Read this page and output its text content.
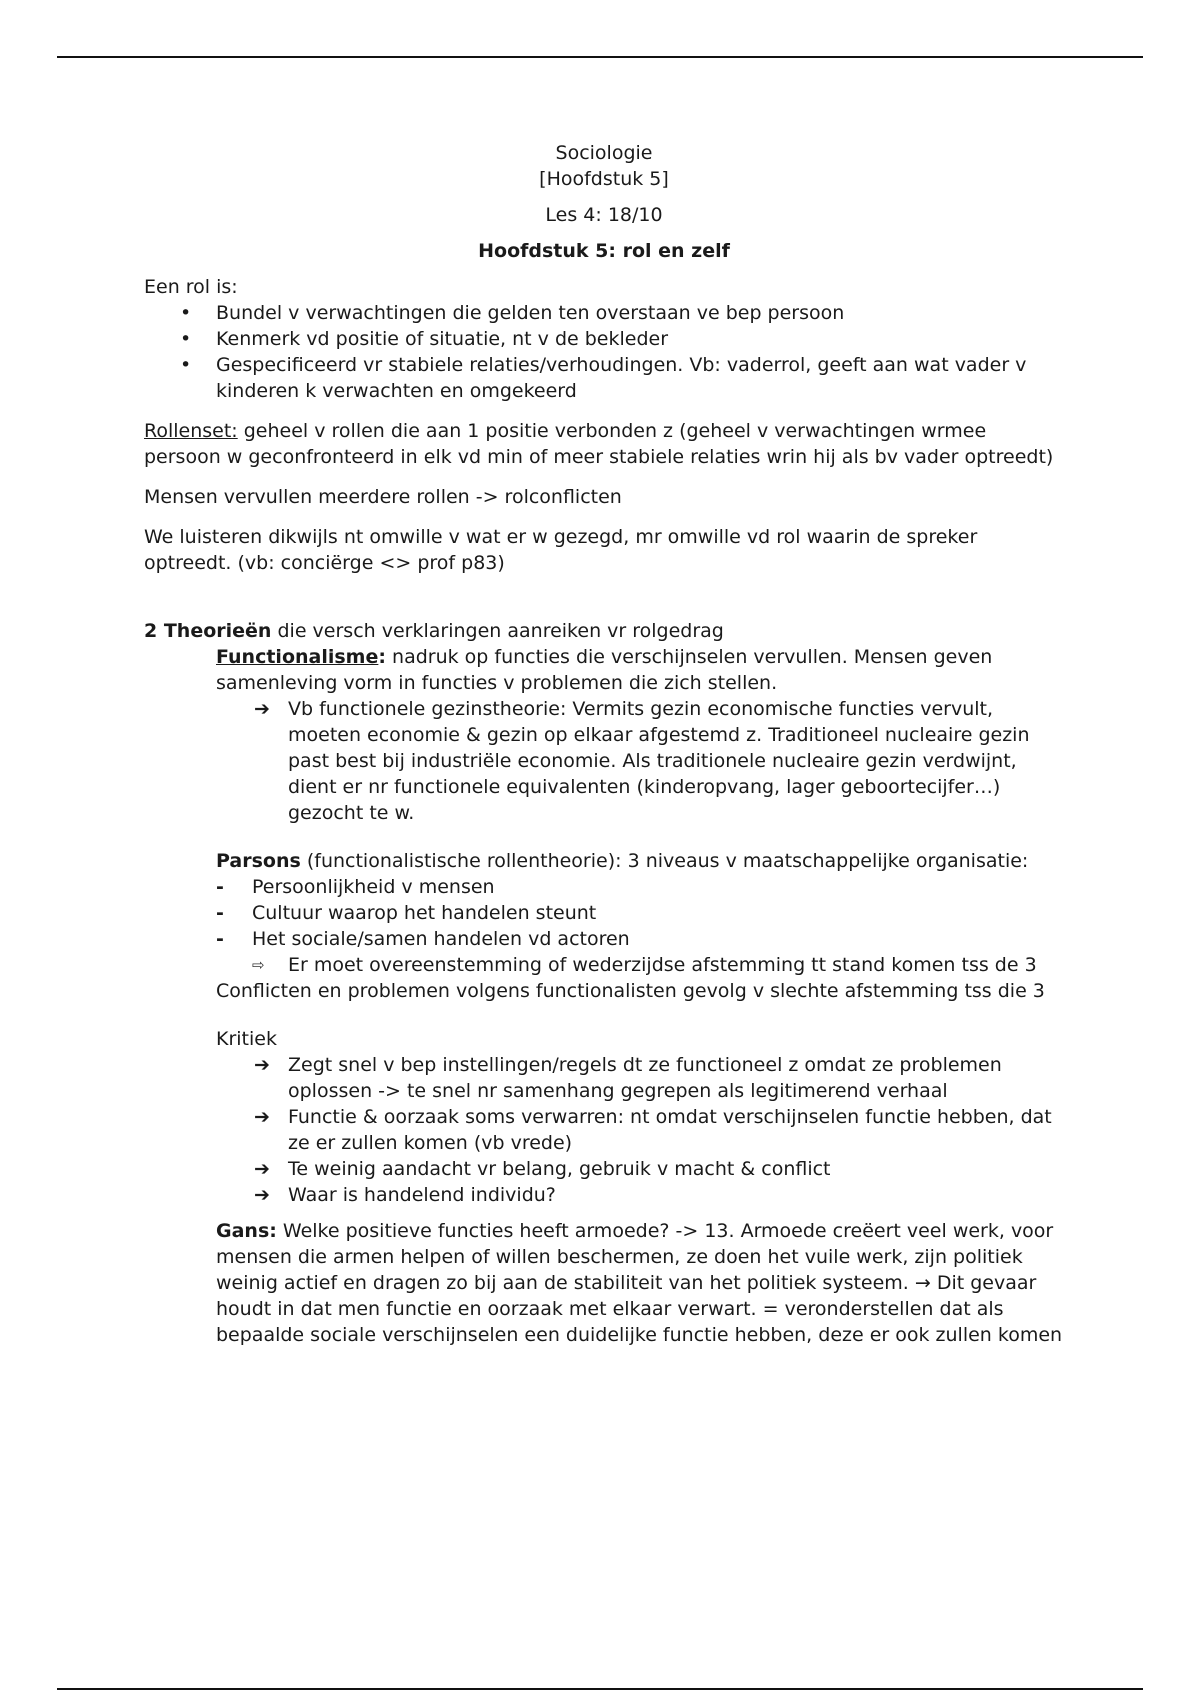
Sociologie
[Hoofdstuk 5]
Les 4: 18/10
Hoofdstuk 5: rol en zelf

Een rol is:

• Bundel v verwachtingen die gelden ten overstaan ve bep persoon
• Kenmerk vd positie of situatie, nt v de bekleder
• Gespecificeerd vr stabiele relaties/verhoudingen. Vb: vaderrol, geeft aan wat vader v kinderen k verwachten en omgekeerd

Rollenset: geheel v rollen die aan 1 positie verbonden z (geheel v verwachtingen wrmee persoon w geconfronteerd in elk vd min of meer stabiele relaties wrin hij als bv vader optreedt)

Mensen vervullen meerdere rollen -> rolconflicten

We luisteren dikwijls nt omwille v wat er w gezegd, mr omwille vd rol waarin de spreker optreedt. (vb: conciërge <> prof p83)

2 Theorieën die versch verklaringen aanreiken vr rolgedrag

Functionalisme: nadruk op functies die verschijnselen vervullen. Mensen geven samenleving vorm in functies v problemen die zich stellen.

➔ Vb functionele gezinstheorie: Vermits gezin economische functies vervult, moeten economie & gezin op elkaar afgestemd z. Traditioneel nucleaire gezin past best bij industriële economie. Als traditionele nucleaire gezin verdwijnt, dient er nr functionele equivalenten (kinderopvang, lager geboortecijfer…) gezocht te w.

Parsons (functionalistische rollentheorie): 3 niveaus v maatschappelijke organisatie:

- Persoonlijkheid v mensen
- Cultuur waarop het handelen steunt
- Het sociale/samen handelen vd actoren

⇨ Er moet overeenstemming of wederzijdse afstemming tt stand komen tss de 3

Conflicten en problemen volgens functionalisten gevolg v slechte afstemming tss die 3

Kritiek

➔ Zegt snel v bep instellingen/regels dt ze functioneel z omdat ze problemen oplossen -> te snel nr samenhang gegrepen als legitimerend verhaal

➔ Functie & oorzaak soms verwarren: nt omdat verschijnselen functie hebben, dat ze er zullen komen (vb vrede)

➔ Te weinig aandacht vr belang, gebruik v macht & conflict

➔ Waar is handelend individu?

Gans: Welke positieve functies heeft armoede? -> 13. Armoede creëert veel werk, voor mensen die armen helpen of willen beschermen, ze doen het vuile werk, zijn politiek weinig actief en dragen zo bij aan de stabiliteit van het politiek systeem. → Dit gevaar houdt in dat men functie en oorzaak met elkaar verwart. = veronderstellen dat als bepaalde sociale verschijnselen een duidelijke functie hebben, deze er ook zullen komen
